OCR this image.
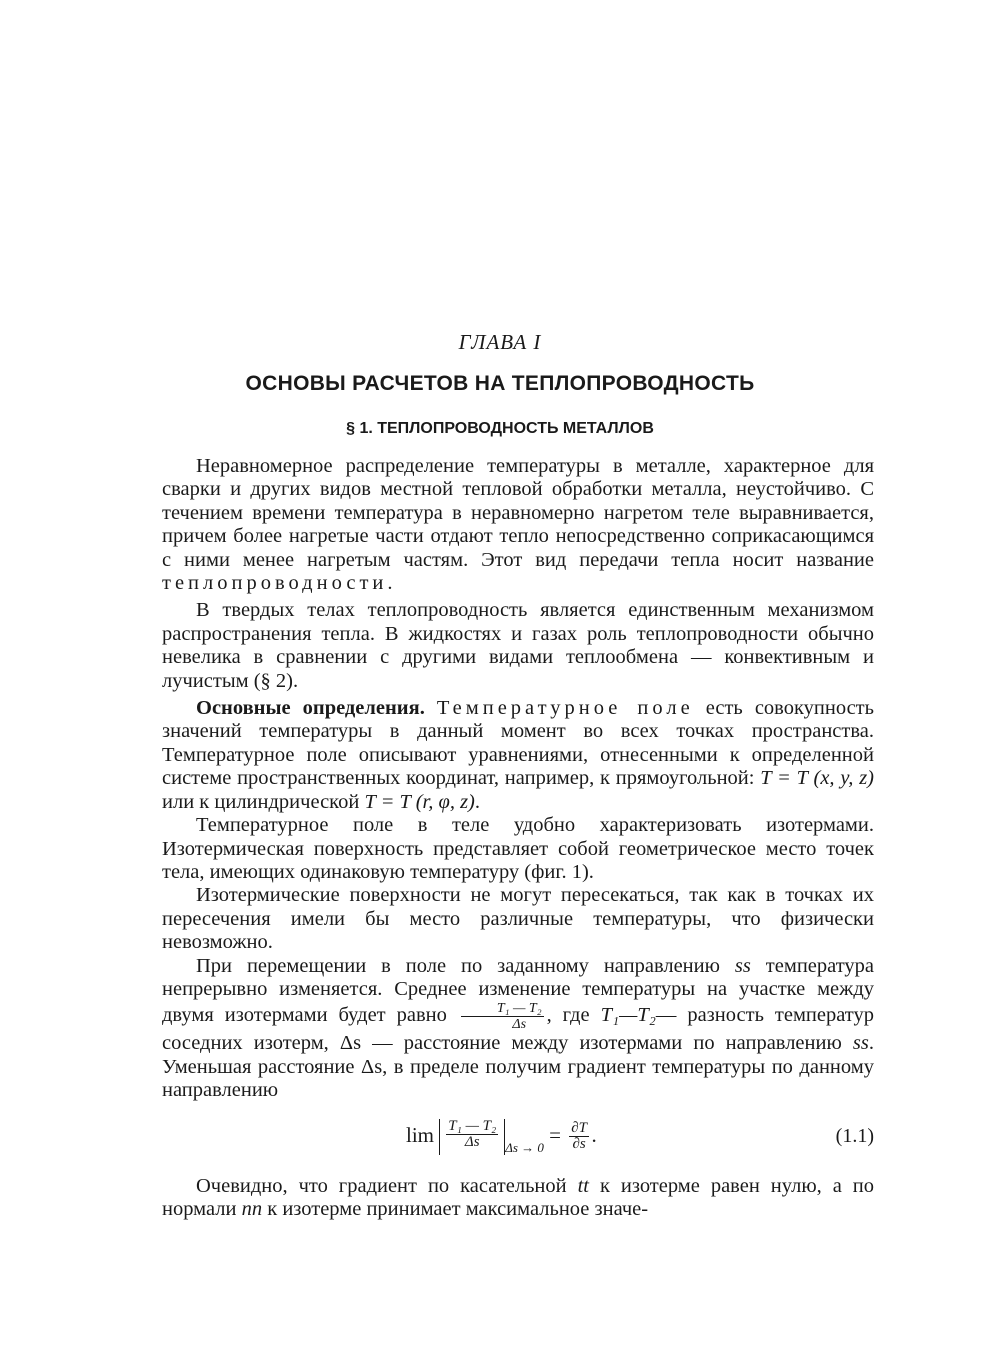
ГЛАВА I
ОСНОВЫ РАСЧЕТОВ НА ТЕПЛОПРОВОДНОСТЬ
§ 1. ТЕПЛОПРОВОДНОСТЬ МЕТАЛЛОВ

Неравномерное распределение температуры в металле, характерное для сварки и других видов местной тепловой обработки металла, неустойчиво. С течением времени температура в неравномерно нагретом теле выравнивается, причем более нагретые части отдают тепло непосредственно соприкасающимся с ними менее нагретым частям. Этот вид передачи тепла носит название теплопроводности.

В твердых телах теплопроводность является единственным механизмом распространения тепла. В жидкостях и газах роль теплопроводности обычно невелика в сравнении с другими видами теплообмена — конвективным и лучистым (§ 2).

Основные определения. Температурное поле есть совокупность значений температуры в данный момент во всех точках пространства. Температурное поле описывают уравнениями, отнесенными к определенной системе пространственных координат, например, к прямоугольной: T = T (x, y, z) или к цилиндрической T = T (r, φ, z).

Температурное поле в теле удобно характеризовать изотермами. Изотермическая поверхность представляет собой геометрическое место точек тела, имеющих одинаковую температуру (фиг. 1).

Изотермические поверхности не могут пересекаться, так как в точках их пересечения имели бы место различные температуры, что физически невозможно.

При перемещении в поле по заданному направлению ss температура непрерывно изменяется. Среднее изменение температуры на участке между двумя изотермами будет равно $\frac{\text{T₁ — T₂}}{\Delta s}$ , где T₁—T₂— разность температур соседних изотерм, Δs — расстояние между изотермами по направлению ss. Уменьшая расстояние Δs, в пределе получим градиент температуры по данному направлению

$\lim \frac{\text{T₁ — T₂}}{\Delta s} _{\Delta s \to 0} = \frac{\partial T}{\partial s}$ .	(1.1)

Очевидно, что градиент по касательной tt к изотерме равен нулю, а по нормали nn к изотерме принимает максимальное значе-
